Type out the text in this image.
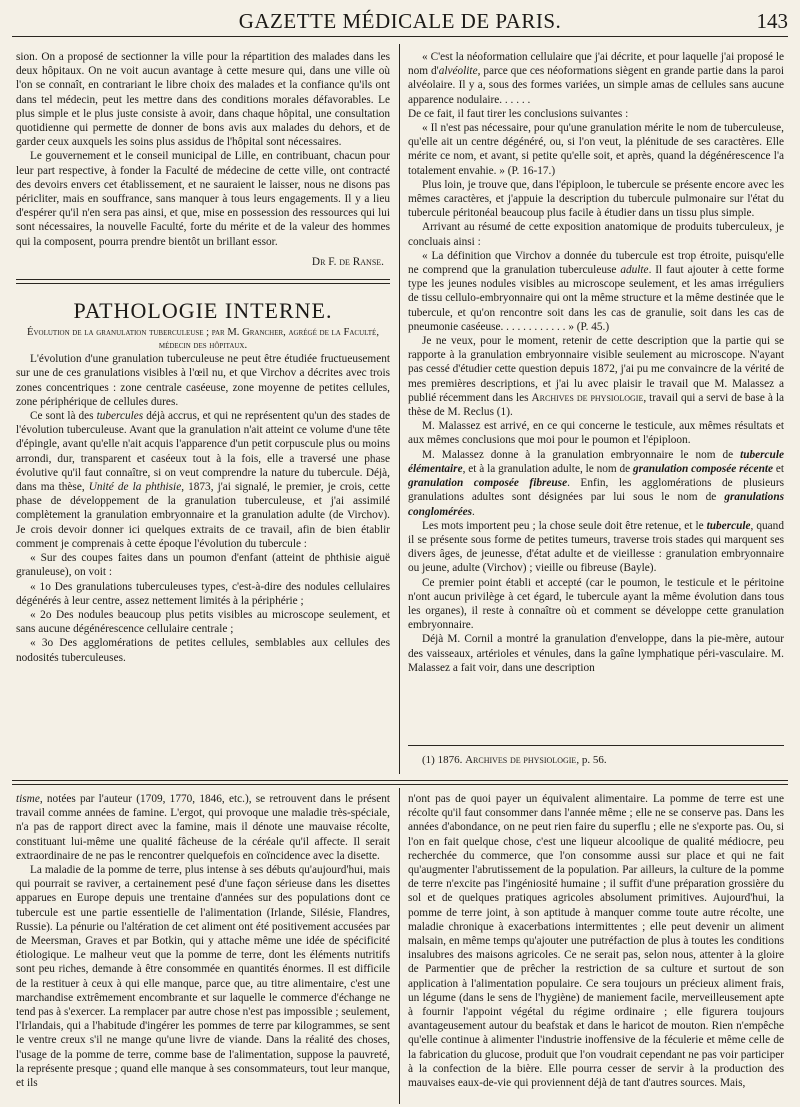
GAZETTE MÉDICALE DE PARIS.	143

sion. On a proposé de sectionner la ville pour la répartition des malades dans les deux hôpitaux. On ne voit aucun avantage à cette mesure qui, dans une ville où l'on se connaît, en contrariant le libre choix des malades et la confiance qu'ils ont dans tel médecin, peut les mettre dans des conditions morales défavorables. Le plus simple et le plus juste consiste à avoir, dans chaque hôpital, une consultation quotidienne qui permette de donner de bons avis aux malades du dehors, et de garder ceux auxquels les soins plus assidus de l'hôpital sont nécessaires.

Le gouvernement et le conseil municipal de Lille, en contribuant, chacun pour leur part respective, à fonder la Faculté de médecine de cette ville, ont contracté des devoirs envers cet établissement, et ne sauraient le laisser, nous ne disons pas péricliter, mais en souffrance, sans manquer à tous leurs engagements. Il y a lieu d'espérer qu'il n'en sera pas ainsi, et que, mise en possession des ressources qui lui sont nécessaires, la nouvelle Faculté, forte du mérite et de la valeur des hommes qui la composent, pourra prendre bientôt un brillant essor.

Dr F. de Ranse.
PATHOLOGIE INTERNE.

Évolution de la granulation tuberculeuse ; par M. Grancher, agrégé de la Faculté, médecin des hôpitaux.

L'évolution d'une granulation tuberculeuse ne peut être étudiée fructueusement sur une de ces granulations visibles à l'œil nu, et que Virchov a décrites avec trois zones concentriques : zone centrale caséeuse, zone moyenne de petites cellules, zone périphérique de cellules dures.

Ce sont là des tubercules déjà accrus, et qui ne représentent qu'un des stades de l'évolution tuberculeuse. Avant que la granulation n'ait atteint ce volume d'une tête d'épingle, avant qu'elle n'ait acquis l'apparence d'un petit corpuscule plus ou moins arrondi, dur, transparent et caséeux tout à la fois, elle a traversé une phase évolutive qu'il faut connaître, si on veut comprendre la nature du tubercule. Déjà, dans ma thèse, Unité de la phthisie, 1873, j'ai signalé, le premier, je crois, cette phase de développement de la granulation tuberculeuse, et j'ai assimilé complètement la granulation embryonnaire et la granulation adulte (de Virchov). Je crois devoir donner ici quelques extraits de ce travail, afin de bien établir comment je comprenais à cette époque l'évolution du tubercule :

« Sur des coupes faites dans un poumon d'enfant (atteint de phthisie aiguë granuleuse), on voit :

« 1o Des granulations tuberculeuses types, c'est-à-dire des nodules cellulaires dégénérés à leur centre, assez nettement limités à la périphérie ;

« 2o Des nodules beaucoup plus petits visibles au microscope seulement, et sans aucune dégénérescence cellulaire centrale ;

« 3o Des agglomérations de petites cellules, semblables aux cellules des nodosités tuberculeuses.

« C'est la néoformation cellulaire que j'ai décrite, et pour laquelle j'ai proposé le nom d'alvéolite, parce que ces néoformations siègent en grande partie dans la paroi alvéolaire. Il y a, sous des formes variées, un simple amas de cellules sans aucune apparence nodulaire. . . . . .

De ce fait, il faut tirer les conclusions suivantes :

« Il n'est pas nécessaire, pour qu'une granulation mérite le nom de tuberculeuse, qu'elle ait un centre dégénéré, ou, si l'on veut, la plénitude de ses caractères. Elle mérite ce nom, et avant, si petite qu'elle soit, et après, quand la dégénérescence l'a totalement envahie. » (P. 16-17.)

Plus loin, je trouve que, dans l'épiploon, le tubercule se présente encore avec les mêmes caractères, et j'appuie la description du tubercule pulmonaire sur l'état du tubercule péritonéal beaucoup plus facile à étudier dans un tissu plus simple.

Arrivant au résumé de cette exposition anatomique de produits tuberculeux, je concluais ainsi :

« La définition que Virchov a donnée du tubercule est trop étroite, puisqu'elle ne comprend que la granulation tuberculeuse adulte. Il faut ajouter à cette forme type les jeunes nodules visibles au microscope seulement, et les amas irréguliers de tissu cellulo-embryonnaire qui ont la même structure et la même destinée que le tubercule, et qu'on rencontre soit dans les cas de granulie, soit dans les cas de pneumonie caséeuse. . . . . . . . . . . . » (P. 45.)

Je ne veux, pour le moment, retenir de cette description que la partie qui se rapporte à la granulation embryonnaire visible seulement au microscope. N'ayant pas cessé d'étudier cette question depuis 1872, j'ai pu me convaincre de la vérité de mes premières descriptions, et j'ai lu avec plaisir le travail que M. Malassez a publié récemment dans les Archives de physiologie, travail qui a servi de base à la thèse de M. Reclus (1).

M. Malassez est arrivé, en ce qui concerne le testicule, aux mêmes résultats et aux mêmes conclusions que moi pour le poumon et l'épiploon.

M. Malassez donne à la granulation embryonnaire le nom de tubercule élémentaire, et à la granulation adulte, le nom de granulation composée récente et granulation composée fibreuse. Enfin, les agglomérations de plusieurs granulations adultes sont désignées par lui sous le nom de granulations conglomérées.

Les mots importent peu ; la chose seule doit être retenue, et le tubercule, quand il se présente sous forme de petites tumeurs, traverse trois stades qui marquent ses divers âges, de jeunesse, d'état adulte et de vieillesse : granulation embryonnaire ou jeune, adulte (Virchov) ; vieille ou fibreuse (Bayle).

Ce premier point établi et accepté (car le poumon, le testicule et le péritoine n'ont aucun privilège à cet égard, le tubercule ayant la même évolution dans tous les organes), il reste à connaître où et comment se développe cette granulation embryonnaire.

Déjà M. Cornil a montré la granulation d'enveloppe, dans la pie-mère, autour des vaisseaux, artérioles et vénules, dans la gaîne lymphatique péri-vasculaire. M. Malassez a fait voir, dans une description

(1) 1876. Archives de physiologie, p. 56.

tisme, notées par l'auteur (1709, 1770, 1846, etc.), se retrouvent dans le présent travail comme années de famine. L'ergot, qui provoque une maladie très-spéciale, n'a pas de rapport direct avec la famine, mais il dénote une mauvaise récolte, constituant lui-même une qualité fâcheuse de la céréale qu'il affecte. Il serait extraordinaire de ne pas le rencontrer quelquefois en coïncidence avec la disette.

La maladie de la pomme de terre, plus intense à ses débuts qu'aujourd'hui, mais qui pourrait se raviver, a certainement pesé d'une façon sérieuse dans les disettes apparues en Europe depuis une trentaine d'années sur des populations dont ce tubercule est une partie essentielle de l'alimentation (Irlande, Silésie, Flandres, Russie). La pénurie ou l'altération de cet aliment ont été positivement accusées par de Meersman, Graves et par Botkin, qui y attache même une idée de spécificité étiologique. Le malheur veut que la pomme de terre, dont les éléments nutritifs sont peu riches, demande à être consommée en quantités énormes. Il est difficile de la restituer à ceux à qui elle manque, parce que, au titre alimentaire, c'est une marchandise extrêmement encombrante et sur laquelle le commerce d'échange ne tend pas à s'exercer. La remplacer par autre chose n'est pas impossible ; seulement, l'Irlandais, qui a l'habitude d'ingérer les pommes de terre par kilogrammes, se sent le ventre creux s'il ne mange qu'une livre de viande. Dans la réalité des choses, l'usage de la pomme de terre, comme base de l'alimentation, suppose la pauvreté, la représente presque ; quand elle manque à ses consommateurs, tout leur manque, et ils

n'ont pas de quoi payer un équivalent alimentaire. La pomme de terre est une récolte qu'il faut consommer dans l'année même ; elle ne se conserve pas. Dans les années d'abondance, on ne peut rien faire du superflu ; elle ne s'exporte pas. Ou, si l'on en fait quelque chose, c'est une liqueur alcoolique de qualité médiocre, peu recherchée du commerce, que l'on consomme aussi sur place et qui ne fait qu'augmenter l'abrutissement de la population. Par ailleurs, la culture de la pomme de terre n'excite pas l'ingéniosité humaine ; il suffit d'une préparation grossière du sol et de quelques pratiques agricoles absolument primitives. Aujourd'hui, la pomme de terre joint, à son aptitude à manquer comme toute autre récolte, une maladie chronique à exacerbations intermittentes ; elle peut devenir un aliment malsain, en même temps qu'ajouter une putréfaction de plus à toutes les conditions insalubres des maisons agricoles. Ce ne serait pas, selon nous, attenter à la gloire de Parmentier que de prêcher la restriction de sa culture et surtout de son application à l'alimentation populaire. Ce sera toujours un précieux aliment frais, un légume (dans le sens de l'hygiène) de maniement facile, merveilleusement apte à fournir l'appoint végétal du régime ordinaire ; elle figurera toujours avantageusement autour du beafstak et dans le haricot de mouton. Rien n'empêche qu'elle continue à alimenter l'industrie inoffensive de la féculerie et même celle de la fabrication du glucose, produit que l'on voudrait cependant ne pas voir participer à la confection de la bière. Elle pourra cesser de servir à la production des mauvaises eaux-de-vie qui proviennent déjà de tant d'autres sources. Mais,
